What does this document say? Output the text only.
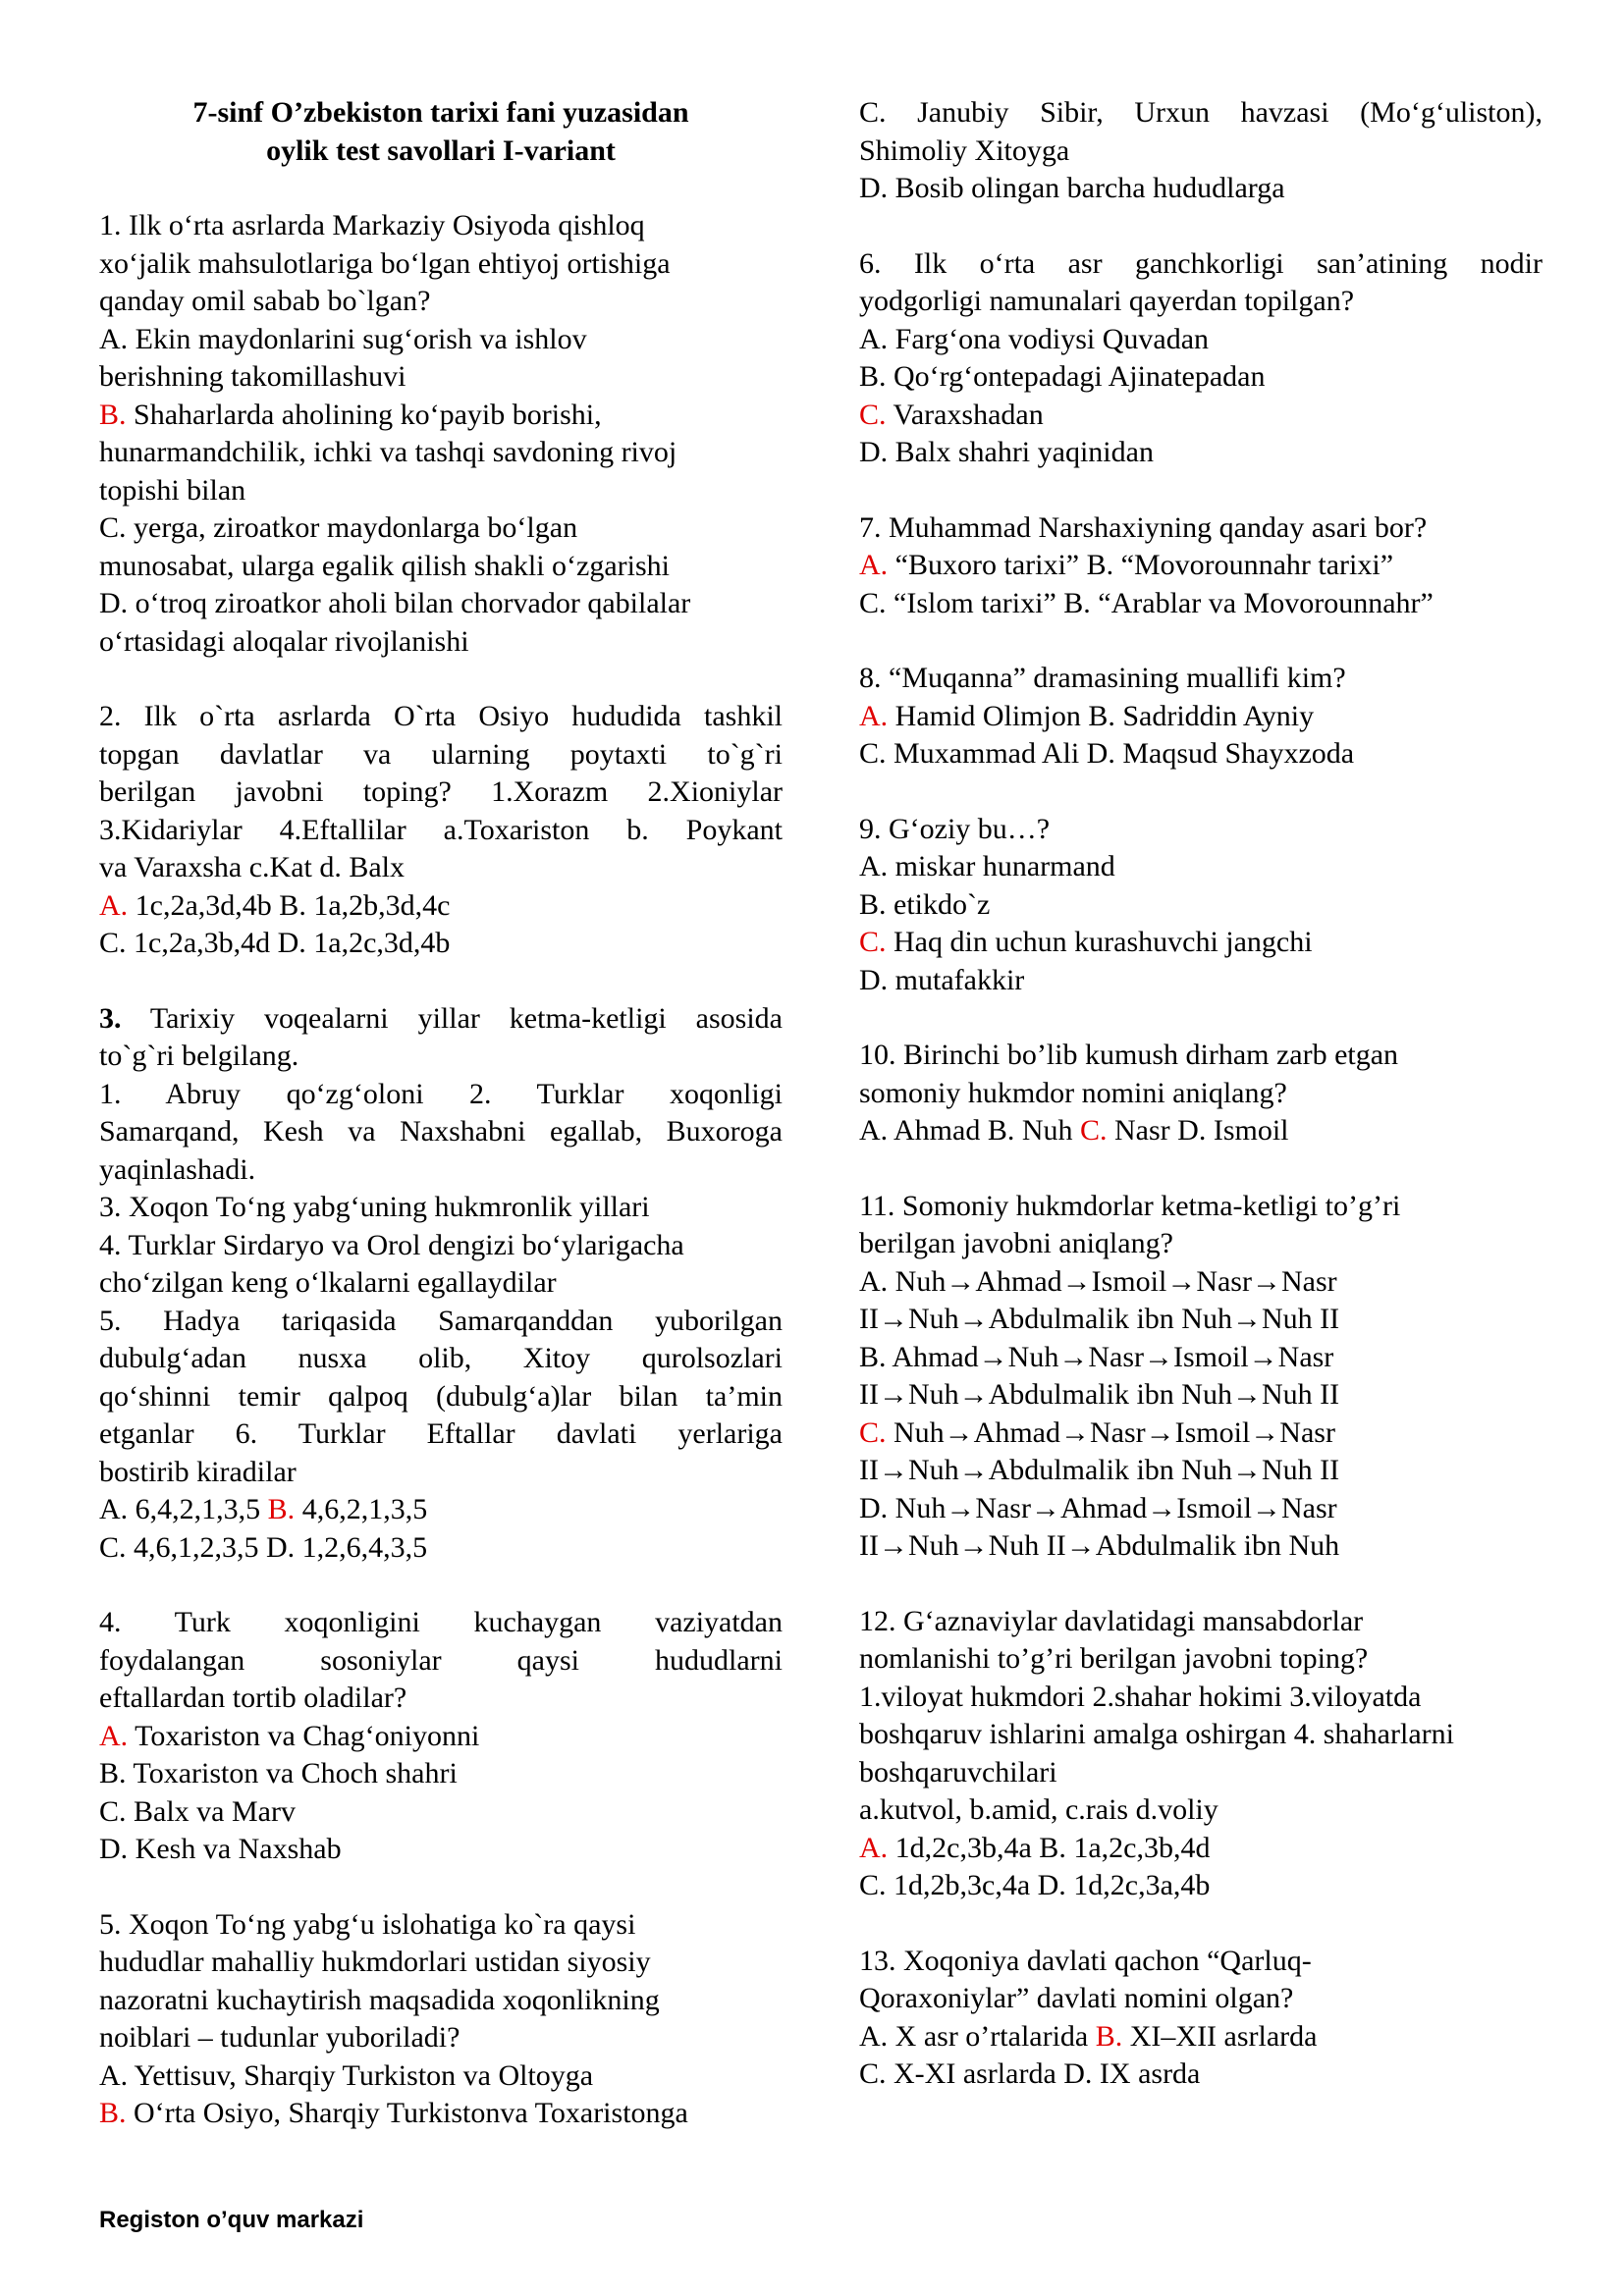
7-sinf O’zbekiston tarixi fani yuzasidan
oylik test savollari I-variant
1. Ilk o‘rta asrlarda Markaziy Osiyoda qishloq
xo‘jalik mahsulotlariga bo‘lgan ehtiyoj ortishiga
qanday omil sabab bo`lgan?
A. Ekin maydonlarini sug‘orish va ishlov
berishning takomillashuvi
B. Shaharlarda aholining ko‘payib borishi,
hunarmandchilik, ichki va tashqi savdoning rivoj
topishi bilan
C. yerga, ziroatkor maydonlarga bo‘lgan
munosabat, ularga egalik qilish shakli o‘zgarishi
D. o‘troq ziroatkor aholi bilan chorvador qabilalar
o‘rtasidagi aloqalar rivojlanishi
2. Ilk o`rta asrlarda O`rta Osiyo hududida tashkil
topgan davlatlar va ularning poytaxti to`g`ri
berilgan javobni toping? 1.Xorazm 2.Xioniylar
3.Kidariylar 4.Eftallilar a.Toxariston b. Poykant
va Varaxsha c.Kat d. Balx
A. 1c,2a,3d,4b B. 1a,2b,3d,4c
C. 1c,2a,3b,4d D. 1a,2c,3d,4b
3. Tarixiy voqealarni yillar ketma-ketligi asosida
to`g`ri belgilang.
1. Abruy qo‘zg‘oloni 2. Turklar xoqonligi
Samarqand, Kesh va Naxshabni egallab, Buxoroga
yaqinlashadi.
3. Xoqon To‘ng yabg‘uning hukmronlik yillari
4. Turklar Sirdaryo va Orol dengizi bo‘ylarigacha
cho‘zilgan keng o‘lkalarni egallaydilar
5. Hadya tariqasida Samarqanddan yuborilgan
dubulg‘adan nusxa olib, Xitoy qurolsozlari
qo‘shinni temir qalpoq (dubulg‘a)lar bilan ta’min
etganlar 6. Turklar Eftallar davlati yerlariga
bostirib kiradilar
A. 6,4,2,1,3,5 B. 4,6,2,1,3,5
C. 4,6,1,2,3,5 D. 1,2,6,4,3,5
4. Turk xoqonligini kuchaygan vaziyatdan
foydalangan sosoniylar qaysi hududlarni
eftallardan tortib oladilar?
A. Toxariston va Chag‘oniyonni
B. Toxariston va Choch shahri
C. Balx va Marv
D. Kesh va Naxshab
5. Xoqon To‘ng yabg‘u islohatiga ko`ra qaysi
hududlar mahalliy hukmdorlari ustidan siyosiy
nazoratni kuchaytirish maqsadida xoqonlikning
noiblari – tudunlar yuboriladi?
A. Yettisuv, Sharqiy Turkiston va Oltoyga
B. O‘rta Osiyo, Sharqiy Turkistonva Toxaristonga
C. Janubiy Sibir, Urxun havzasi (Mo‘g‘uliston),
Shimoliy Xitoyga
D. Bosib olingan barcha hududlarga
6. Ilk o‘rta asr ganchkorligi san’atining nodir
yodgorligi namunalari qayerdan topilgan?
A. Farg‘ona vodiysi Quvadan
B. Qo‘rg‘ontepadagi Ajinatepadan
C. Varaxshadan
D. Balx shahri yaqinidan
7. Muhammad Narshaxiyning qanday asari bor?
A. “Buxoro tarixi” B. “Movorounnahr tarixi”
C. “Islom tarixi” B. “Arablar va Movorounnahr”
8. “Muqanna” dramasining muallifi kim?
A. Hamid Olimjon B. Sadriddin Ayniy
C. Muxammad Ali D. Maqsud Shayxzoda
9. G‘oziy bu…?
A. miskar hunarmand
B. etikdo`z
C. Haq din uchun kurashuvchi jangchi
D. mutafakkir
10. Birinchi bo’lib kumush dirham zarb etgan
somoniy hukmdor nomini aniqlang?
A. Ahmad B. Nuh C. Nasr D. Ismoil
11. Somoniy hukmdorlar ketma-ketligi to’g’ri
berilgan javobni aniqlang?
A. Nuh→Ahmad→Ismoil→Nasr→Nasr
II→Nuh→Abdulmalik ibn Nuh→Nuh II
B. Ahmad→Nuh→Nasr→Ismoil→Nasr
II→Nuh→Abdulmalik ibn Nuh→Nuh II
C. Nuh→Ahmad→Nasr→Ismoil→Nasr
II→Nuh→Abdulmalik ibn Nuh→Nuh II
D. Nuh→Nasr→Ahmad→Ismoil→Nasr
II→Nuh→Nuh II→Abdulmalik ibn Nuh
12. G‘aznaviylar davlatidagi mansabdorlar
nomlanishi to’g’ri berilgan javobni toping?
1.viloyat hukmdori 2.shahar hokimi 3.viloyatda
boshqaruv ishlarini amalga oshirgan 4. shaharlarni
boshqaruvchilari
a.kutvol, b.amid, c.rais d.voliy
A. 1d,2c,3b,4a B. 1a,2c,3b,4d
C. 1d,2b,3c,4a D. 1d,2c,3a,4b
13. Xoqoniya davlati qachon “Qarluq-
Qoraxoniylar” davlati nomini olgan?
A. X asr o’rtalarida B. XI–XII asrlarda
C. X-XI asrlarda D. IX asrda
Registon o’quv markazi
